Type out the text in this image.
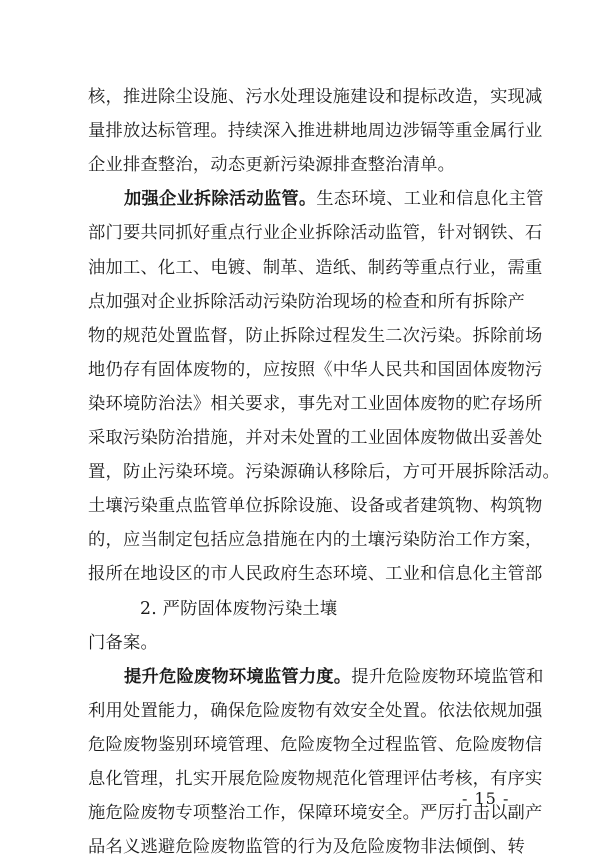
核，推进除尘设施、污水处理设施建设和提标改造，实现减
量排放达标管理。持续深入推进耕地周边涉镉等重金属行业
企业排查整治，动态更新污染源排查整治清单。
加强企业拆除活动监管。生态环境、工业和信息化主管
部门要共同抓好重点行业企业拆除活动监管，针对钢铁、石
油加工、化工、电镀、制革、造纸、制药等重点行业，需重
点加强对企业拆除活动污染防治现场的检查和所有拆除产
物的规范处置监督，防止拆除过程发生二次污染。拆除前场
地仍存有固体废物的，应按照《中华人民共和国固体废物污
染环境防治法》相关要求，事先对工业固体废物的贮存场所
采取污染防治措施，并对未处置的工业固体废物做出妥善处
置，防止污染环境。污染源确认移除后，方可开展拆除活动。
土壤污染重点监管单位拆除设施、设备或者建筑物、构筑物
的，应当制定包括应急措施在内的土壤污染防治工作方案，
报所在地设区的市人民政府生态环境、工业和信息化主管部
门备案。
2. 严防固体废物污染土壤
提升危险废物环境监管力度。提升危险废物环境监管和
利用处置能力，确保危险废物有效安全处置。依法依规加强
危险废物鉴别环境管理、危险废物全过程监管、危险废物信
息化管理，扎实开展危险废物规范化管理评估考核，有序实
施危险废物专项整治工作，保障环境安全。严厉打击以副产
品名义逃避危险废物监管的行为及危险废物非法倾倒、转
- 15 -
